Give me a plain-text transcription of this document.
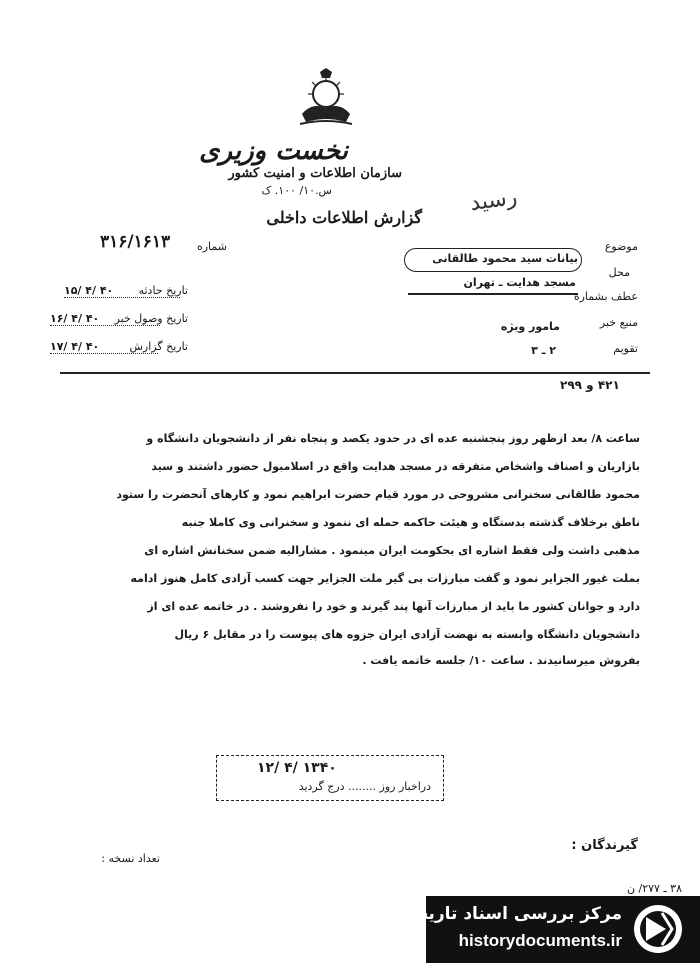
نخست وزیری
سازمان اطلاعات و امنیت کشور
س.۱۰/ ۱۰۰. ک	رسید
گزارش اطلاعات داخلی
شماره
۳۱۶/۱۶۱۳
تاریخ حادثه
۱۵/ ۴/ ۴۰
تاریخ وصول خبر
۱۶/ ۴/ ۴۰
تاریخ گزارش
۱۷/ ۴/ ۴۰
موضوع
بیانات سید محمود طالقانی
محل
مسجد هدایت ـ تهران
عطف بشماره
منبع خبر
مامور ویژه
تقویم
۲ ـ ۳
۴۲۱ و ۲۹۹
ساعت ۸/ بعد ازظهر روز پنجشنبه عده ای در حدود یکصد و پنجاه نفر از دانشجویان دانشگاه و
بازاریان و اصناف واشخاص متفرقه در مسجد هدایت واقع در اسلامبول حضور داشتند و سید
محمود طالقانی سخنرانی مشروحی در مورد قیام حضرت ابراهیم نمود و کارهای آنحضرت را ستود
ناطق برخلاف گذشته بدستگاه و هیئت حاکمه حمله ای ننمود و سخنرانی وی کاملا جنبه
مذهبی داشت ولی فقط اشاره ای بحکومت ایران مینمود . مشارالیه ضمن سخنانش اشاره ای
بملت غیور الجزایر نمود و گفت مبارزات بی گیر ملت الجزایر جهت کسب آزادی کامل هنوز ادامه
دارد و جوانان کشور ما باید از مبارزات آنها پند گیرند و خود را نفروشند . در خاتمه عده ای از
دانشجویان دانشگاه وابسته به نهضت آزادی ایران جزوه های پیوست را در مقابل ۶ ریال
بفروش میرسانیدند . ساعت ۱۰/ جلسه خاتمه یافت .
۱۲/ ۴/ ۱۳۴۰
دراخبار روز ........ درج گردید
گیرندگان :
تعداد نسخه :
۳۸ ـ ۲۷۷/ ن
مرکز بررسی اسناد تاریخی
historydocuments.ir
